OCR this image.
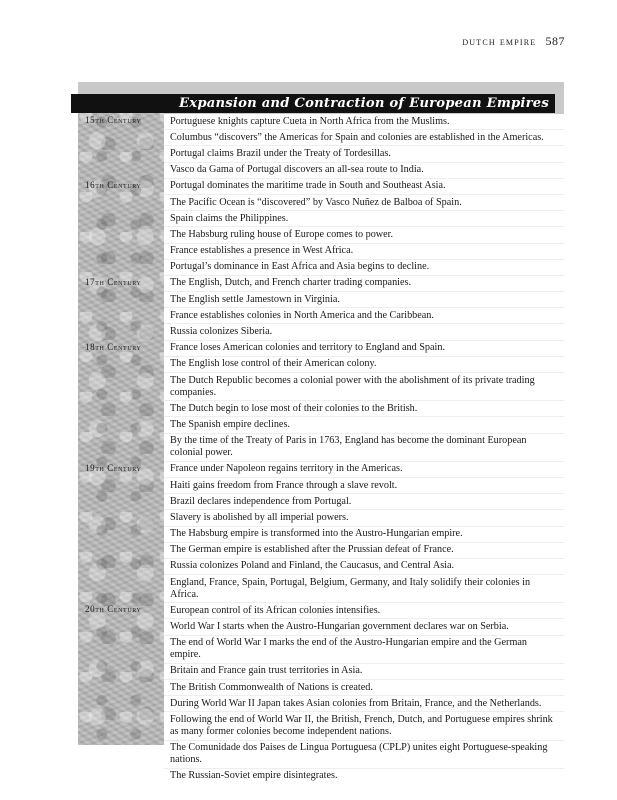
dutch empire 587
Expansion and Contraction of European Empires
15th Century	Portuguese knights capture Cueta in North Africa from the Muslims.
Columbus “discovers” the Americas for Spain and colonies are established in the Americas.
Portugal claims Brazil under the Treaty of Tordesillas.
Vasco da Gama of Portugal discovers an all-sea route to India.
16th Century	Portugal dominates the maritime trade in South and Southeast Asia.
The Pacific Ocean is “discovered” by Vasco Nuñez de Balboa of Spain.
Spain claims the Philippines.
The Habsburg ruling house of Europe comes to power.
France establishes a presence in West Africa.
Portugal’s dominance in East Africa and Asia begins to decline.
17th Century	The English, Dutch, and French charter trading companies.
The English settle Jamestown in Virginia.
France establishes colonies in North America and the Caribbean.
Russia colonizes Siberia.
18th Century	France loses American colonies and territory to England and Spain.
The English lose control of their American colony.
The Dutch Republic becomes a colonial power with the abolishment of its private trading companies.
The Dutch begin to lose most of their colonies to the British.
The Spanish empire declines.
By the time of the Treaty of Paris in 1763, England has become the dominant European colonial power.
19th Century	France under Napoleon regains territory in the Americas.
Haiti gains freedom from France through a slave revolt.
Brazil declares independence from Portugal.
Slavery is abolished by all imperial powers.
The Habsburg empire is transformed into the Austro-Hungarian empire.
The German empire is established after the Prussian defeat of France.
Russia colonizes Poland and Finland, the Caucasus, and Central Asia.
England, France, Spain, Portugal, Belgium, Germany, and Italy solidify their colonies in Africa.
20th Century	European control of its African colonies intensifies.
World War I starts when the Austro-Hungarian government declares war on Serbia.
The end of World War I marks the end of the Austro-Hungarian empire and the German empire.
Britain and France gain trust territories in Asia.
The British Commonwealth of Nations is created.
During World War II Japan takes Asian colonies from Britain, France, and the Netherlands.
Following the end of World War II, the British, French, Dutch, and Portuguese empires shrink as many former colonies become independent nations.
The Comunidade dos Paises de Lingua Portuguesa (CPLP) unites eight Portuguese-speaking nations.
The Russian-Soviet empire disintegrates.
